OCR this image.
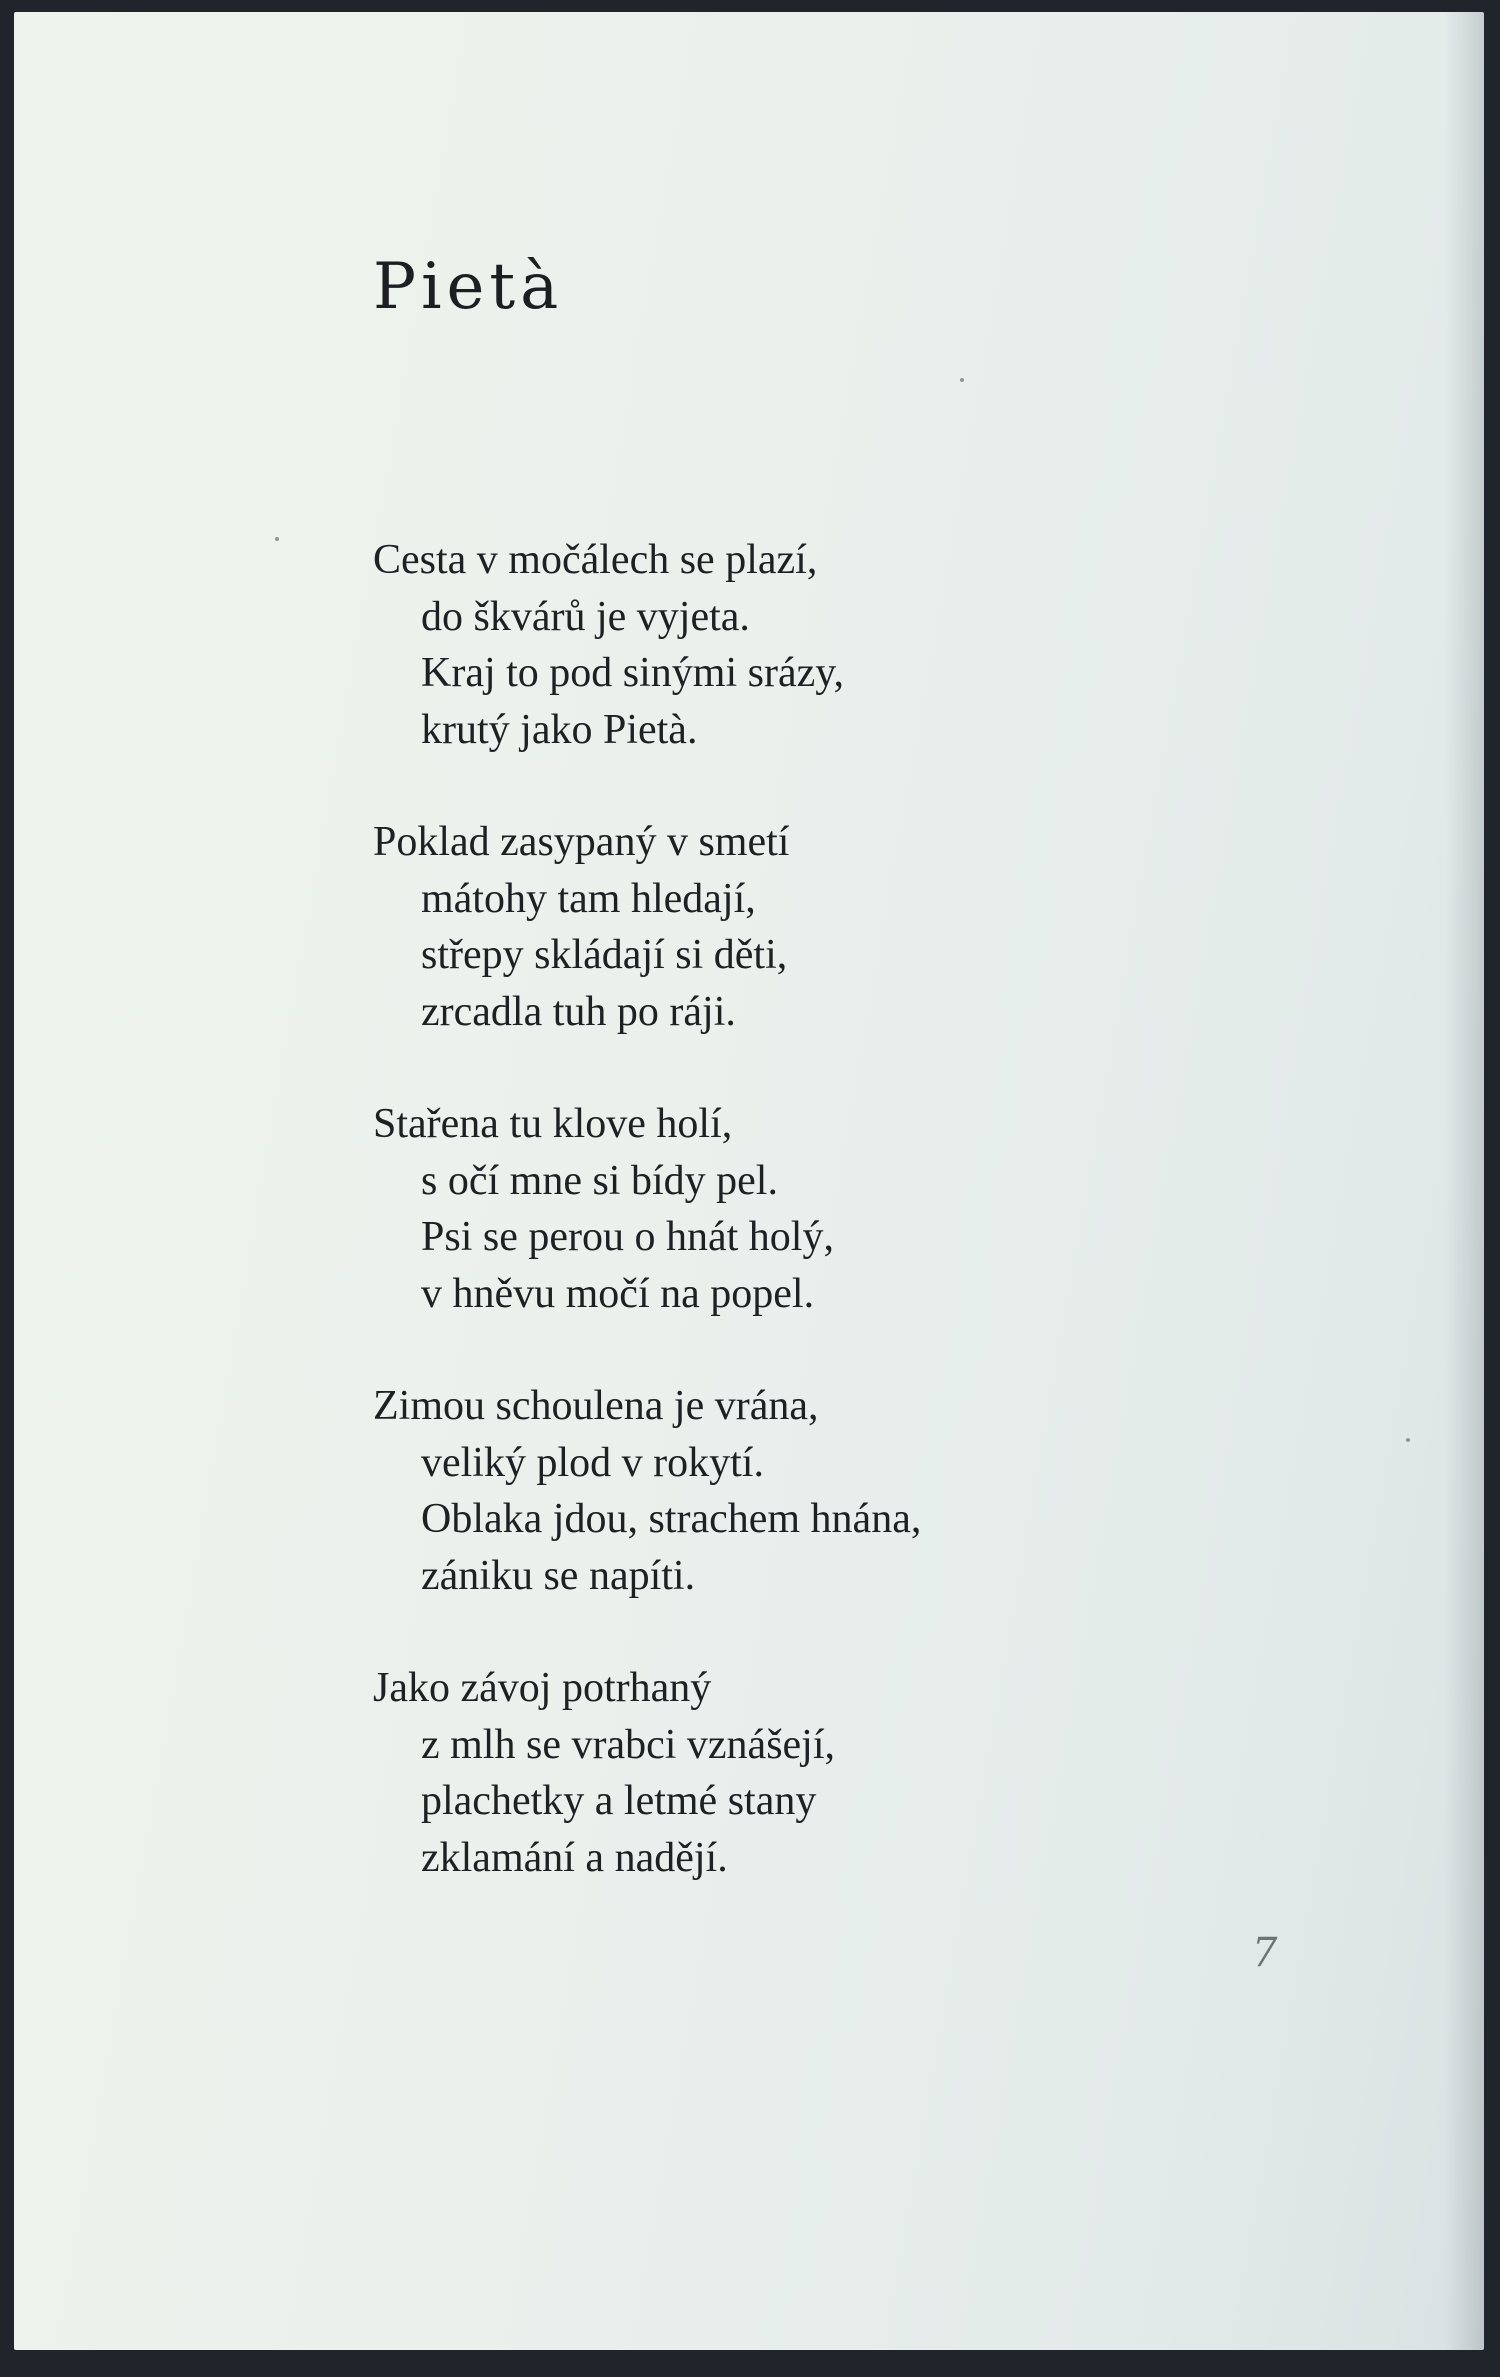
Pietà
Cesta v močálech se plazí,
do škvárů je vyjeta.
Kraj to pod sinými srázy,
krutý jako Pietà.
Poklad zasypaný v smetí
mátohy tam hledají,
střepy skládají si děti,
zrcadla tuh po ráji.
Stařena tu klove holí,
s očí mne si bídy pel.
Psi se perou o hnát holý,
v hněvu močí na popel.
Zimou schoulena je vrána,
veliký plod v rokytí.
Oblaka jdou, strachem hnána,
zániku se napíti.
Jako závoj potrhaný
z mlh se vrabci vznášejí,
plachetky a letmé stany
zklamání a nadějí.
7
